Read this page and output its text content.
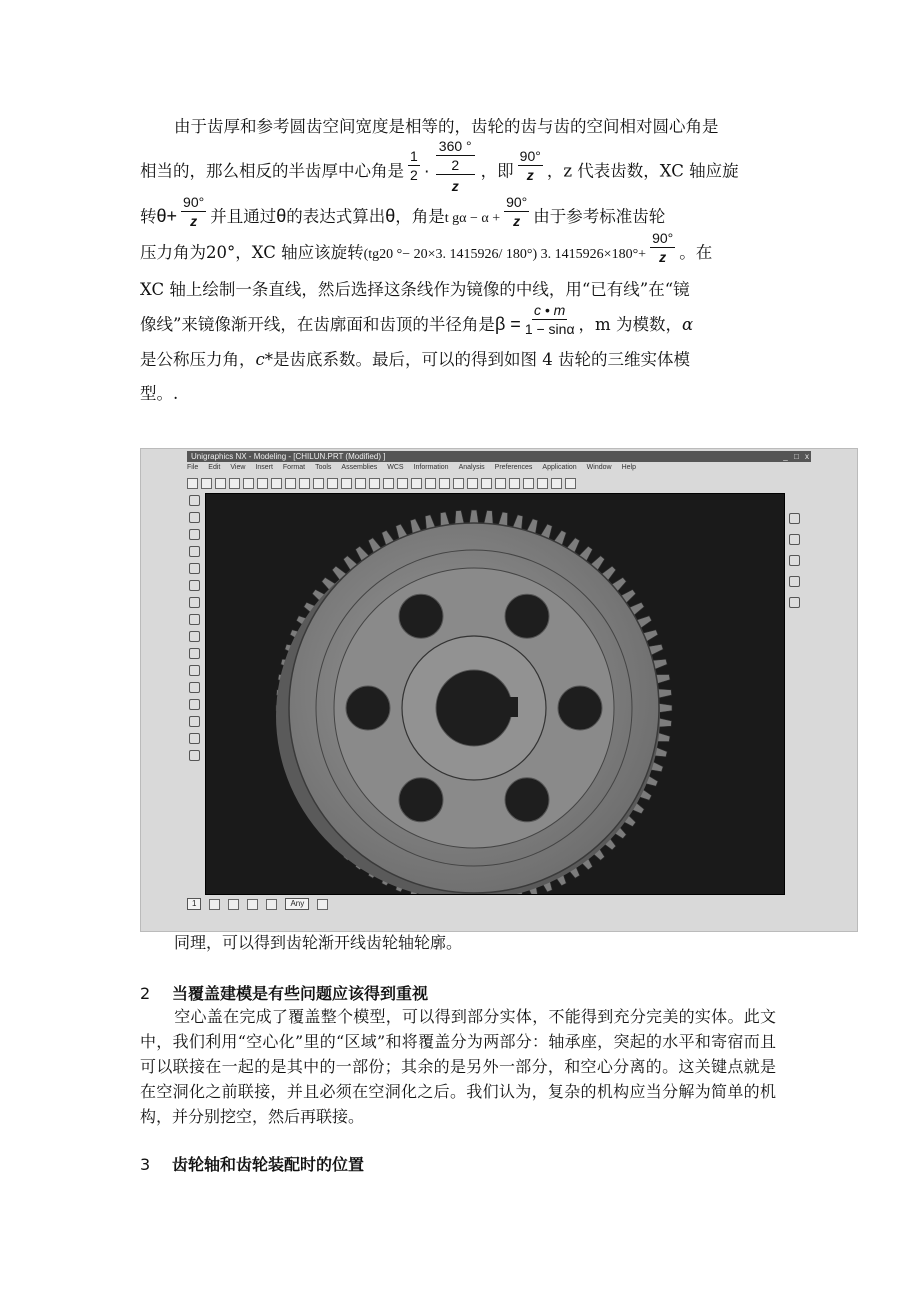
由于齿厚和参考圆齿空间宽度是相等的，齿轮的齿与齿的空间相对圆心角是
相当的，那么相反的半齿厚中心角是 $\frac{1}{2}$ ·
360 °
2
z
，即 $\frac{90^\circ}{z}$ ，z 代表齿数，XC 轴应旋
转$\theta+ \frac{90^\circ}{z}$ 并且通过θ的表达式算出θ，角是t $g\alpha - \alpha + \frac{90^\circ}{z}$ 由于参考标准齿轮
压力角为20°，XC 轴应该旋转(tg20 °− 20×3. 1415926/ 180°) 3. $1415926\times 180^\circ+ \frac{90^\circ}{z}$ 。在
XC 轴上绘制一条直线，然后选择这条线作为镜像的中线，用“已有线”在“镜
像线”来镜像渐开线，在齿廓面和齿顶的半径角是$\beta = \frac{c • m}{1 - \sin\alpha}$ ，m 为模数，α
是公称压力角，c*是齿底系数。最后，可以的得到如图 4 齿轮的三维实体模
型。.

Unigraphics NX - Modeling - [CHILUN.PRT (Modified) ]	_ □ x
File Edit View Insert Format Tools Assemblies WCS Information Analysis Preferences Application Window Help
1	Any

同理，可以得到齿轮渐开线齿轮轴轮廓。

2 当覆盖建模是有些问题应该得到重视

空心盖在完成了覆盖整个模型，可以得到部分实体，不能得到充分完美的实体。此文中，我们利用“空心化”里的“区域”和将覆盖分为两部分：轴承座，突起的水平和寄宿而且可以联接在一起的是其中的一部份；其余的是另外一部分，和空心分离的。这关键点就是在空洞化之前联接，并且必须在空洞化之后。我们认为，复杂的机构应当分解为简单的机构，并分别挖空，然后再联接。

3 齿轮轴和齿轮装配时的位置
